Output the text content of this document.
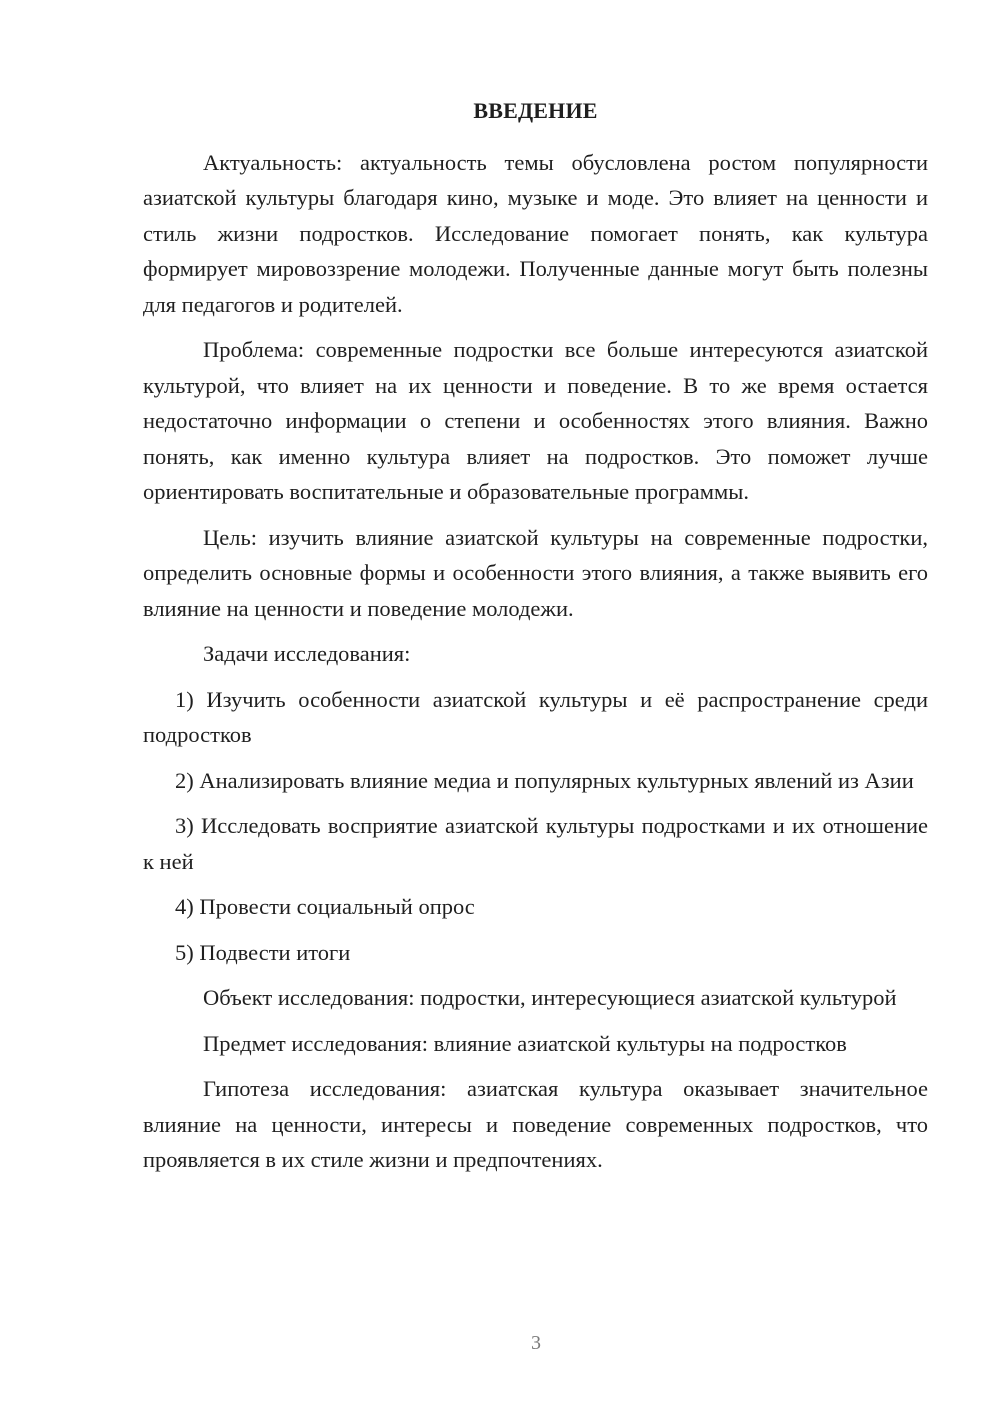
ВВЕДЕНИЕ

Актуальность: актуальность темы обусловлена ростом популярности азиатской культуры благодаря кино, музыке и моде. Это влияет на ценности и стиль жизни подростков. Исследование помогает понять, как культура формирует мировоззрение молодежи. Полученные данные могут быть полезны для педагогов и родителей.

Проблема: современные подростки все больше интересуются азиатской культурой, что влияет на их ценности и поведение. В то же время остается недостаточно информации о степени и особенностях этого влияния. Важно понять, как именно культура влияет на подростков. Это поможет лучше ориентировать воспитательные и образовательные программы.

Цель: изучить влияние азиатской культуры на современные подростки, определить основные формы и особенности этого влияния, а также выявить его влияние на ценности и поведение молодежи.

Задачи исследования:

1) Изучить особенности азиатской культуры и её распространение среди подростков

2) Анализировать влияние медиа и популярных культурных явлений из Азии

3) Исследовать восприятие азиатской культуры подростками и их отношение к ней

4) Провести социальный опрос

5) Подвести итоги

Объект исследования: подростки, интересующиеся азиатской культурой

Предмет исследования: влияние азиатской культуры на подростков

Гипотеза исследования: азиатская культура оказывает значительное влияние на ценности, интересы и поведение современных подростков, что проявляется в их стиле жизни и предпочтениях.

3
